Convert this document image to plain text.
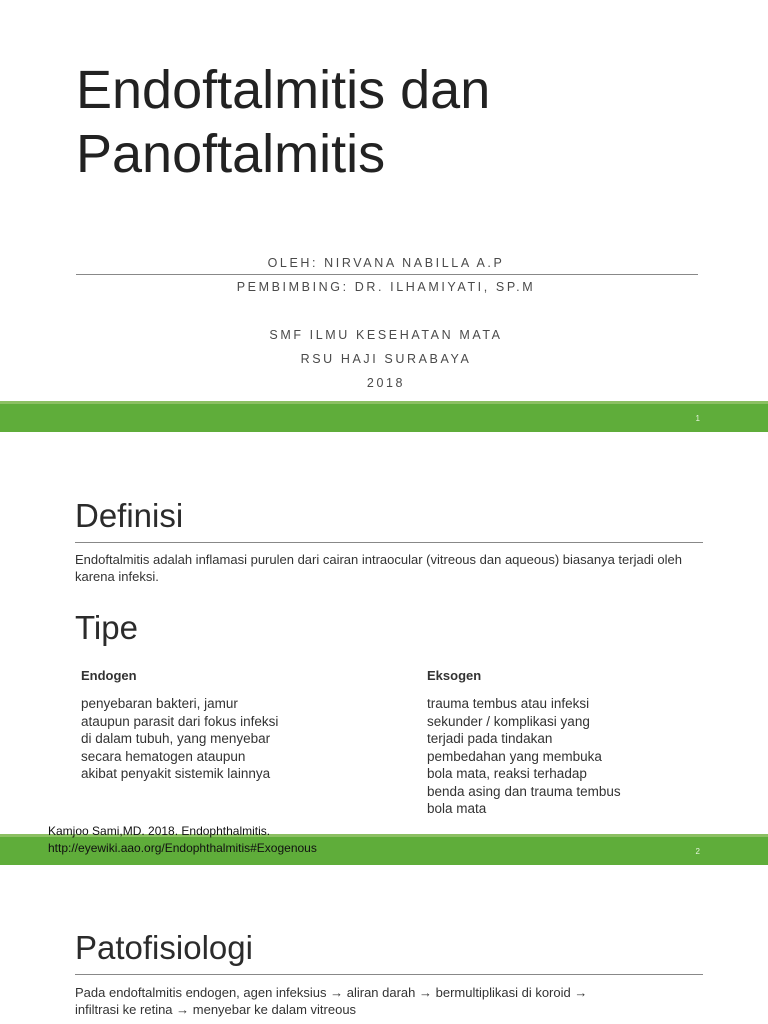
Endoftalmitis dan
Panoftalmitis
OLEH: NIRVANA NABILLA A.P
PEMBIMBING: DR. ILHAMIYATI, SP.M
SMF ILMU KESEHATAN MATA
RSU HAJI SURABAYA
2018
1
Definisi
Endoftalmitis adalah inflamasi purulen dari cairan intraocular (vitreous dan aqueous) biasanya terjadi oleh karena infeksi.
Tipe
Endogen
penyebaran bakteri, jamur
ataupun parasit dari fokus infeksi
di dalam tubuh, yang menyebar
secara hematogen ataupun
akibat penyakit sistemik lainnya
Eksogen
trauma tembus atau infeksi
sekunder / komplikasi yang
terjadi pada tindakan
pembedahan yang membuka
bola mata, reaksi terhadap
benda asing dan trauma tembus
bola mata
Kamjoo Sami,MD. 2018. Endophthalmitis.
http://eyewiki.aao.org/Endophthalmitis#Exogenous	2
Patofisiologi
Pada endoftalmitis endogen, agen infeksius → aliran darah → bermultiplikasi di koroid →
infiltrasi ke retina → menyebar ke dalam vitreous
